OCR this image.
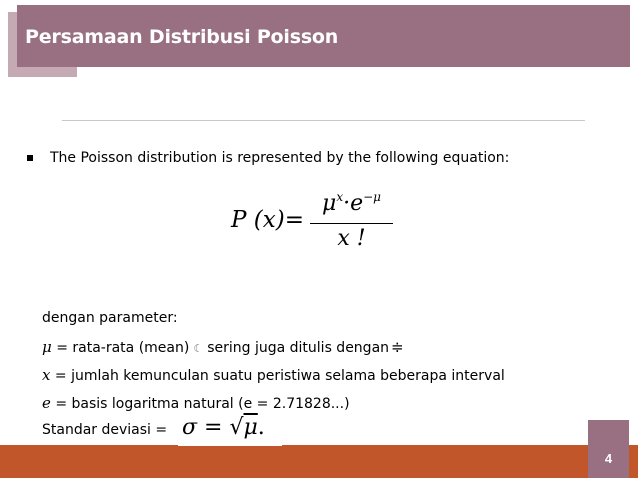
Persamaan Distribusi Poisson
The Poisson distribution is represented by the following equation:
P (x)=
$\mu^x\cdot e^{-\mu}$
x !
dengan parameter:
μ = rata-rata (mean) ☾ sering juga ditulis dengan ≑
x = jumlah kemunculan suatu peristiwa selama beberapa interval
e = basis logaritma natural (e = 2.71828...)
Standar deviasi = σ = √μ.
4
